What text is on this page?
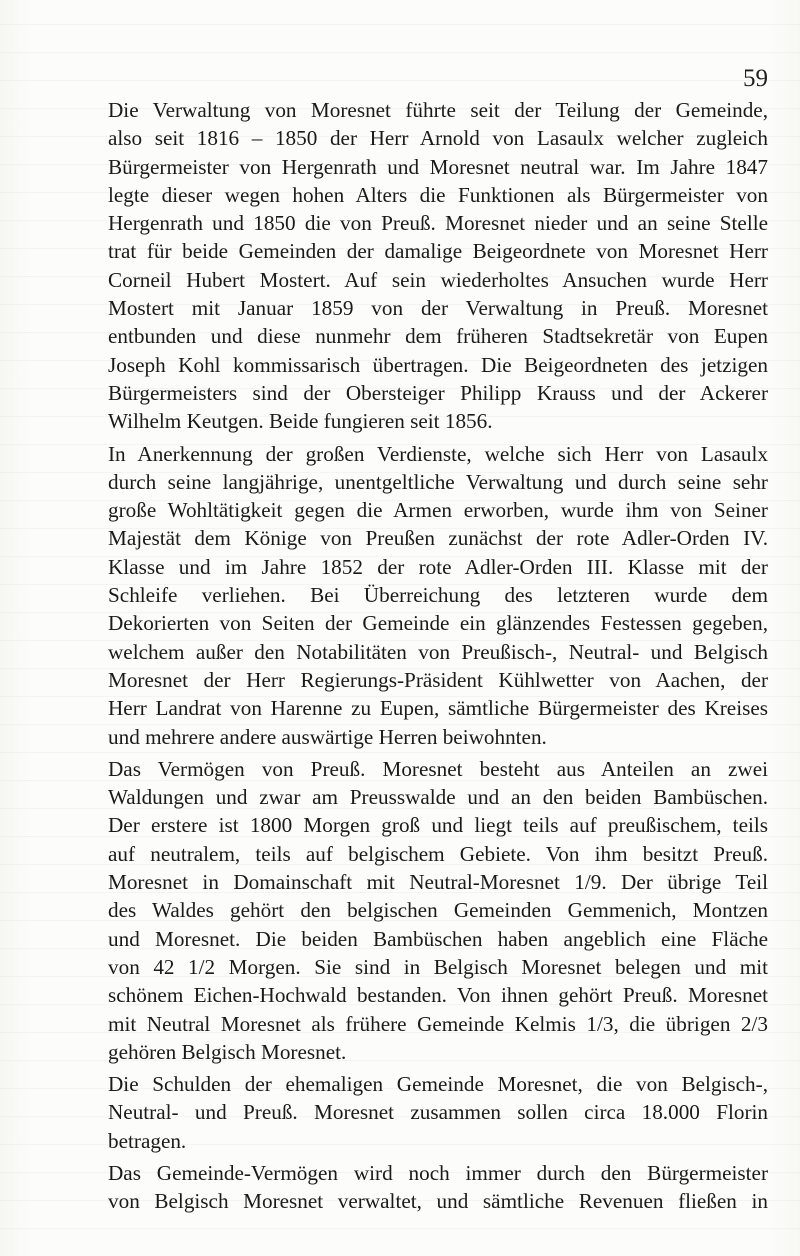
59
Die Verwaltung von Moresnet führte seit der Teilung der Gemeinde,
also seit 1816 – 1850 der Herr Arnold von Lasaulx welcher zugleich
Bürgermeister von Hergenrath und Moresnet neutral war. Im Jahre 1847
legte dieser wegen hohen Alters die Funktionen als Bürgermeister von
Hergenrath und 1850 die von Preuß. Moresnet nieder und an seine Stelle
trat für beide Gemeinden der damalige Beigeordnete von Moresnet Herr
Corneil Hubert Mostert. Auf sein wiederholtes Ansuchen wurde Herr
Mostert mit Januar 1859 von der Verwaltung in Preuß. Moresnet
entbunden und diese nunmehr dem früheren Stadtsekretär von Eupen
Joseph Kohl kommissarisch übertragen. Die Beigeordneten des jetzigen
Bürgermeisters sind der Obersteiger Philipp Krauss und der Ackerer
Wilhelm Keutgen. Beide fungieren seit 1856.
In Anerkennung der großen Verdienste, welche sich Herr von Lasaulx
durch seine langjährige, unentgeltliche Verwaltung und durch seine sehr
große Wohltätigkeit gegen die Armen erworben, wurde ihm von Seiner
Majestät dem Könige von Preußen zunächst der rote Adler-Orden IV.
Klasse und im Jahre 1852 der rote Adler-Orden III. Klasse mit der
Schleife verliehen. Bei Überreichung des letzteren wurde dem
Dekorierten von Seiten der Gemeinde ein glänzendes Festessen gegeben,
welchem außer den Notabilitäten von Preußisch-, Neutral- und Belgisch
Moresnet der Herr Regierungs-Präsident Kühlwetter von Aachen, der
Herr Landrat von Harenne zu Eupen, sämtliche Bürgermeister des Kreises
und mehrere andere auswärtige Herren beiwohnten.
Das Vermögen von Preuß. Moresnet besteht aus Anteilen an zwei
Waldungen und zwar am Preusswalde und an den beiden Bambüschen.
Der erstere ist 1800 Morgen groß und liegt teils auf preußischem, teils
auf neutralem, teils auf belgischem Gebiete. Von ihm besitzt Preuß.
Moresnet in Domainschaft mit Neutral-Moresnet 1/9. Der übrige Teil
des Waldes gehört den belgischen Gemeinden Gemmenich, Montzen
und Moresnet. Die beiden Bambüschen haben angeblich eine Fläche
von 42 1/2 Morgen. Sie sind in Belgisch Moresnet belegen und mit
schönem Eichen-Hochwald bestanden. Von ihnen gehört Preuß. Moresnet
mit Neutral Moresnet als frühere Gemeinde Kelmis 1/3, die übrigen 2/3
gehören Belgisch Moresnet.
Die Schulden der ehemaligen Gemeinde Moresnet, die von Belgisch-,
Neutral- und Preuß. Moresnet zusammen sollen circa 18.000 Florin
betragen.
Das Gemeinde-Vermögen wird noch immer durch den Bürgermeister
von Belgisch Moresnet verwaltet, und sämtliche Revenuen fließen in
